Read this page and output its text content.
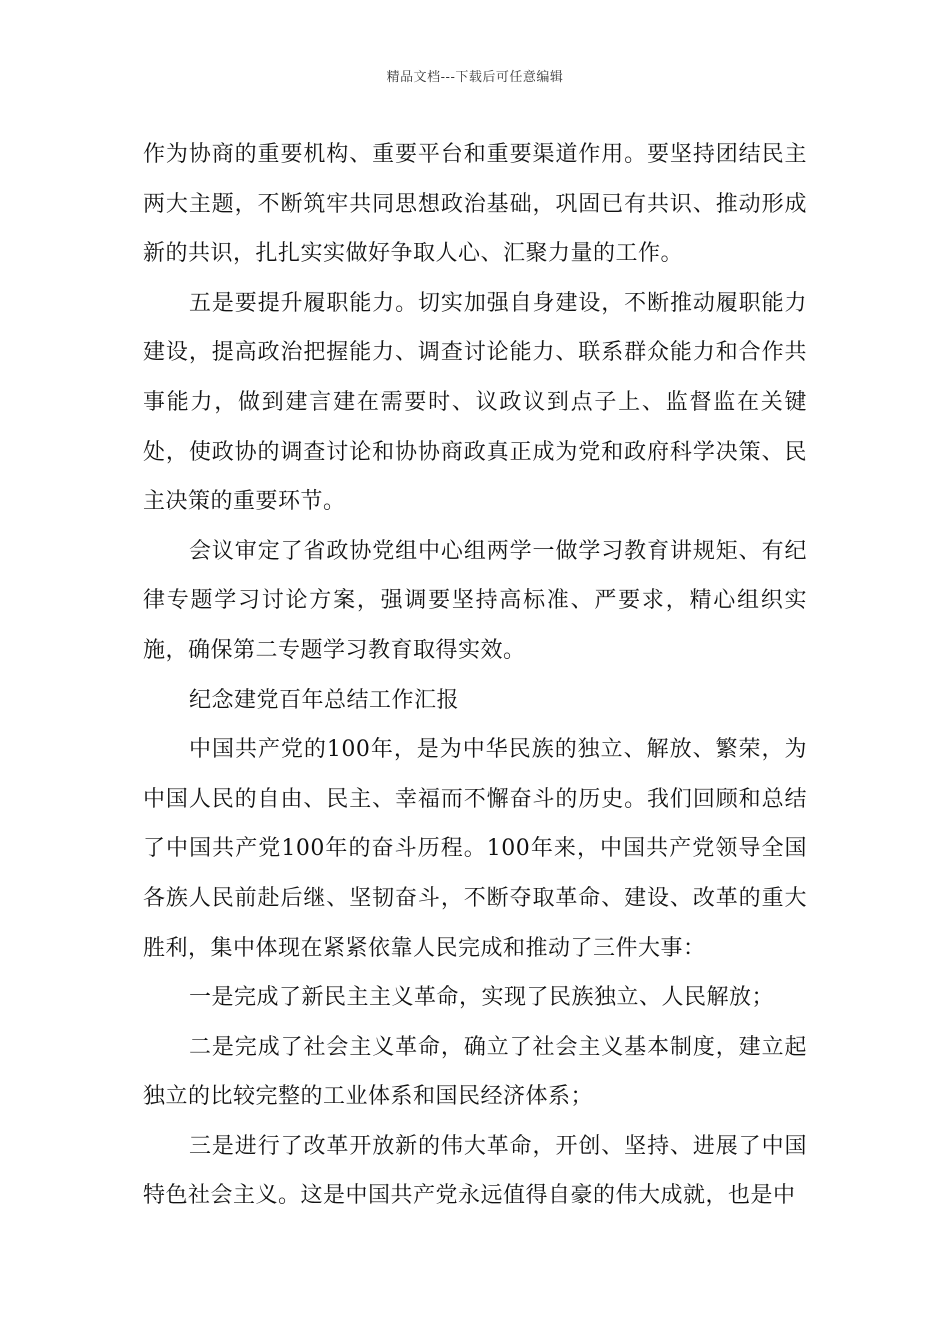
精品文档---下载后可任意编辑

作为协商的重要机构、重要平台和重要渠道作用。要坚持团结民主两大主题，不断筑牢共同思想政治基础，巩固已有共识、推动形成新的共识，扎扎实实做好争取人心、汇聚力量的工作。

五是要提升履职能力。切实加强自身建设，不断推动履职能力建设，提高政治把握能力、调查讨论能力、联系群众能力和合作共事能力，做到建言建在需要时、议政议到点子上、监督监在关键处，使政协的调查讨论和协协商政真正成为党和政府科学决策、民主决策的重要环节。

会议审定了省政协党组中心组两学一做学习教育讲规矩、有纪律专题学习讨论方案，强调要坚持高标准、严要求，精心组织实施，确保第二专题学习教育取得实效。

纪念建党百年总结工作汇报

中国共产党的100年，是为中华民族的独立、解放、繁荣，为中国人民的自由、民主、幸福而不懈奋斗的历史。我们回顾和总结了中国共产党100年的奋斗历程。100年来，中国共产党领导全国各族人民前赴后继、坚韧奋斗，不断夺取革命、建设、改革的重大胜利，集中体现在紧紧依靠人民完成和推动了三件大事：

一是完成了新民主主义革命，实现了民族独立、人民解放；

二是完成了社会主义革命，确立了社会主义基本制度，建立起独立的比较完整的工业体系和国民经济体系；

三是进行了改革开放新的伟大革命，开创、坚持、进展了中国特色社会主义。这是中国共产党永远值得自豪的伟大成就，也是中
